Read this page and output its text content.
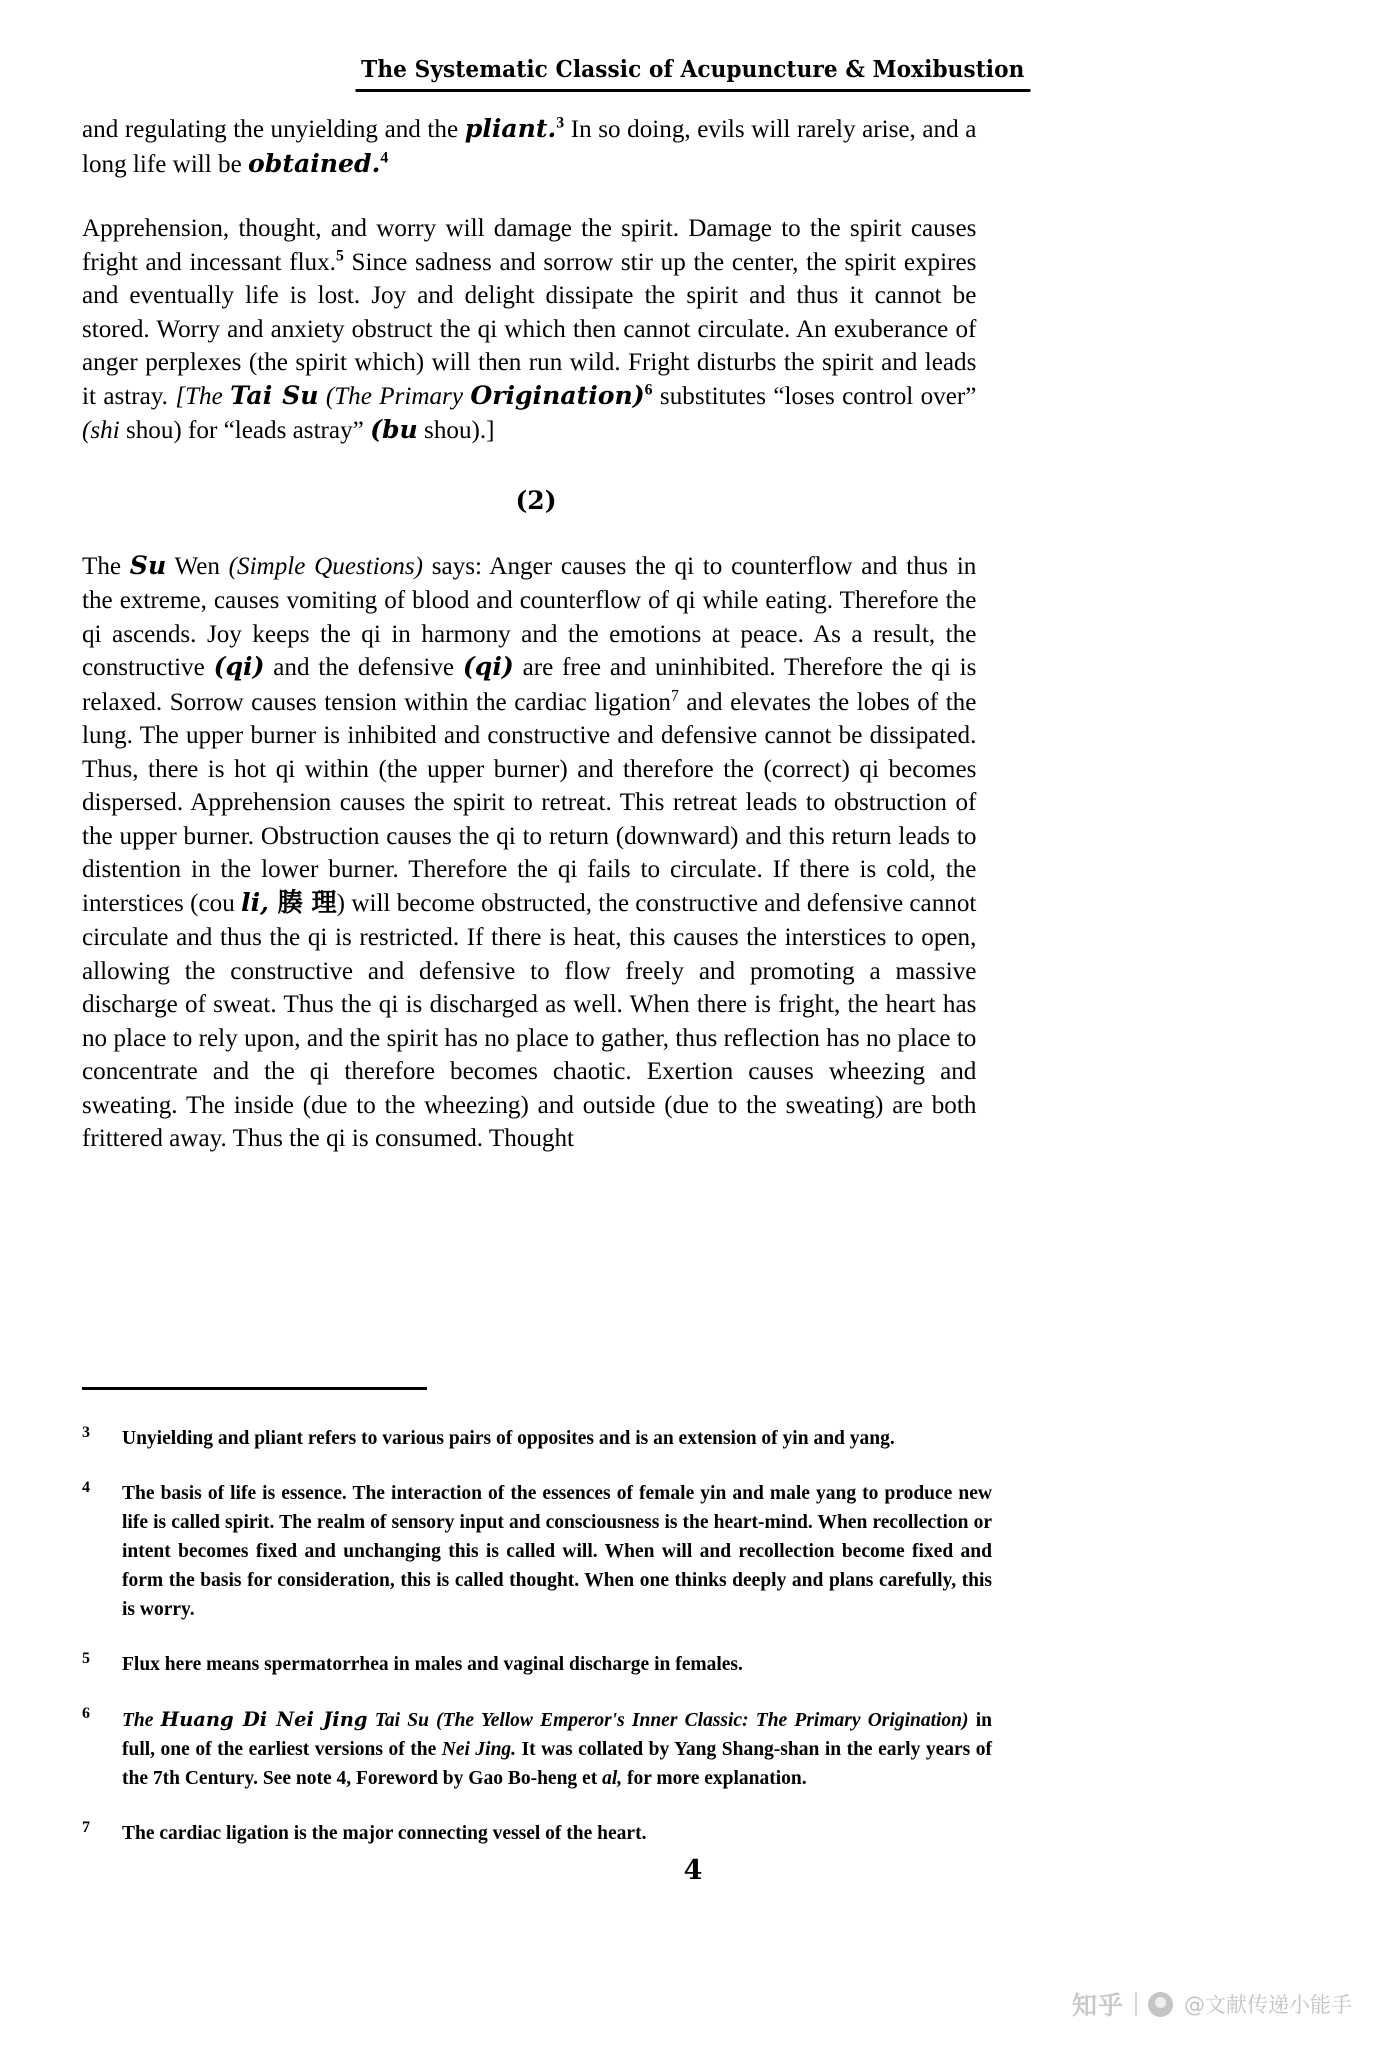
The Systematic Classic of Acupuncture & Moxibustion

and regulating the unyielding and the pliant.$^3$ In so doing, evils will rarely arise, and a long life will be obtained.$^4$

Apprehension, thought, and worry will damage the spirit. Damage to the spirit causes fright and incessant flux.$^5$ Since sadness and sorrow stir up the center, the spirit expires and eventually life is lost. Joy and delight dissipate the spirit and thus it cannot be stored. Worry and anxiety obstruct the qi which then cannot circulate. An exuberance of anger perplexes (the spirit which) will then run wild. Fright disturbs the spirit and leads it astray. [The Tai Su (The Primary Origination)$^6$ substitutes “loses control over” (shi shou) for “leads astray” (bu shou).]

(2)

The Su Wen (Simple Questions) says: Anger causes the qi to counterflow and thus in the extreme, causes vomiting of blood and counterflow of qi while eating. Therefore the qi ascends. Joy keeps the qi in harmony and the emotions at peace. As a result, the constructive (qi) and the defensive (qi) are free and uninhibited. Therefore the qi is relaxed. Sorrow causes tension within the cardiac ligation$^7$ and elevates the lobes of the lung. The upper burner is inhibited and constructive and defensive cannot be dissipated. Thus, there is hot qi within (the upper burner) and therefore the (correct) qi becomes dispersed. Apprehension causes the spirit to retreat. This retreat leads to obstruction of the upper burner. Obstruction causes the qi to return (downward) and this return leads to distention in the lower burner. Therefore the qi fails to circulate. If there is cold, the interstices (cou li, 腠 理) will become obstructed, the constructive and defensive cannot circulate and thus the qi is restricted. If there is heat, this causes the interstices to open, allowing the constructive and defensive to flow freely and promoting a massive discharge of sweat. Thus the qi is discharged as well. When there is fright, the heart has no place to rely upon, and the spirit has no place to gather, thus reflection has no place to concentrate and the qi therefore becomes chaotic. Exertion causes wheezing and sweating. The inside (due to the wheezing) and outside (due to the sweating) are both frittered away. Thus the qi is consumed. Thought

3 Unyielding and pliant refers to various pairs of opposites and is an extension of yin and yang.
4 The basis of life is essence. The interaction of the essences of female yin and male yang to produce new life is called spirit. The realm of sensory input and consciousness is the heart-mind. When recollection or intent becomes fixed and unchanging this is called will. When will and recollection become fixed and form the basis for consideration, this is called thought. When one thinks deeply and plans carefully, this is worry.
5 Flux here means spermatorrhea in males and vaginal discharge in females.
6 The Huang Di Nei Jing Tai Su (The Yellow Emperor's Inner Classic: The Primary Origination) in full, one of the earliest versions of the Nei Jing. It was collated by Yang Shang-shan in the early years of the 7th Century. See note 4, Foreword by Gao Bo-heng et al, for more explanation.
7 The cardiac ligation is the major connecting vessel of the heart.
4
知乎	@文献传递小能手
